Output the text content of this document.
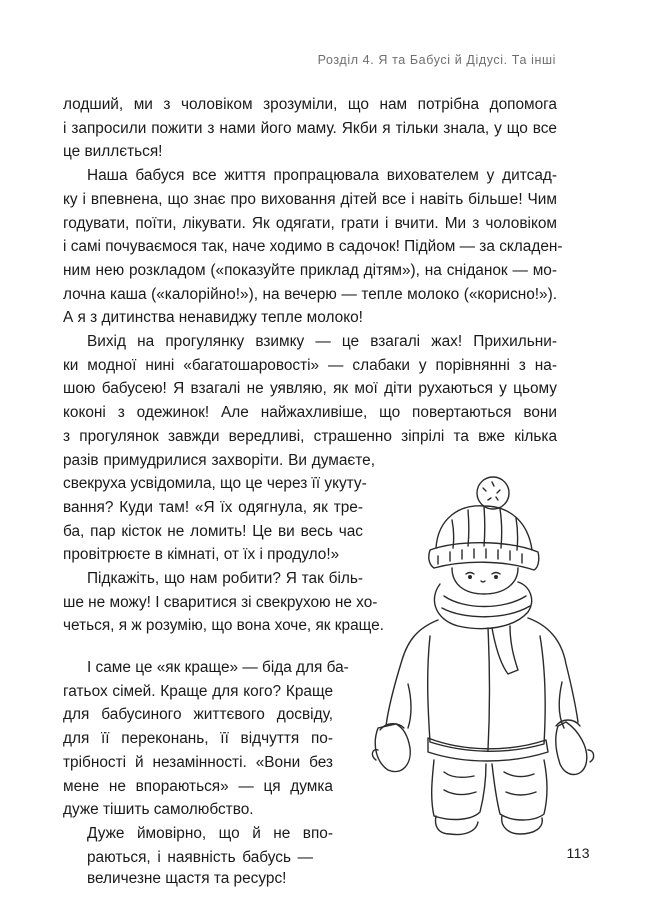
Розділ 4. Я та Бабусі й Дідусі. Та інші
лодший, ми з чоловіком зрозуміли, що нам потрібна допомога
і запросили пожити з нами його маму. Якби я тільки знала, у що все
це виллється!
Наша бабуся все життя пропрацювала вихователем у дитсад-
ку і впевнена, що знає про виховання дітей все і навіть більше! Чим
годувати, поїти, лікувати. Як одягати, грати і вчити. Ми з чоловіком
і самі почуваємося так, наче ходимо в садочок! Підйом — за складен-
ним нею розкладом («показуйте приклад дітям»), на сніданок — мо-
лочна каша («калорійно!»), на вечерю — тепле молоко («корисно!»).
А я з дитинства ненавиджу тепле молоко!
Вихід на прогулянку взимку — це взагалі жах! Прихильни-
ки модної нині «багатошаровості» — слабаки у порівнянні з на-
шою бабусею! Я взагалі не уявляю, як мої діти рухаються у цьому
коконі з одежинок! Але найжахливіше, що повертаються вони
з прогулянок завжди вередливі, страшенно зіпрілі та вже кілька
разів примудрилися захворіти. Ви думаєте,
свекруха усвідомила, що це через її укуту-
вання? Куди там! «Я їх одягнула, як тре-
ба, пар кісток не ломить! Це ви весь час
провітрюєте в кімнаті, от їх і продуло!»
Підкажіть, що нам робити? Я так біль-
ше не можу! І сваритися зі свекрухою не хо-
четься, я ж розумію, що вона хоче, як краще.
І саме це «як краще» — біда для ба-
гатьох сімей. Краще для кого? Краще
для бабусиного життєвого досвіду,
для її переконань, її відчуття по-
трібності й незамінності. «Вони без
мене не впораються» — ця думка
дуже тішить самолюбство.
Дуже ймовірно, що й не впо-
раються, і наявність бабусь —
величезне щастя та ресурс!
113
